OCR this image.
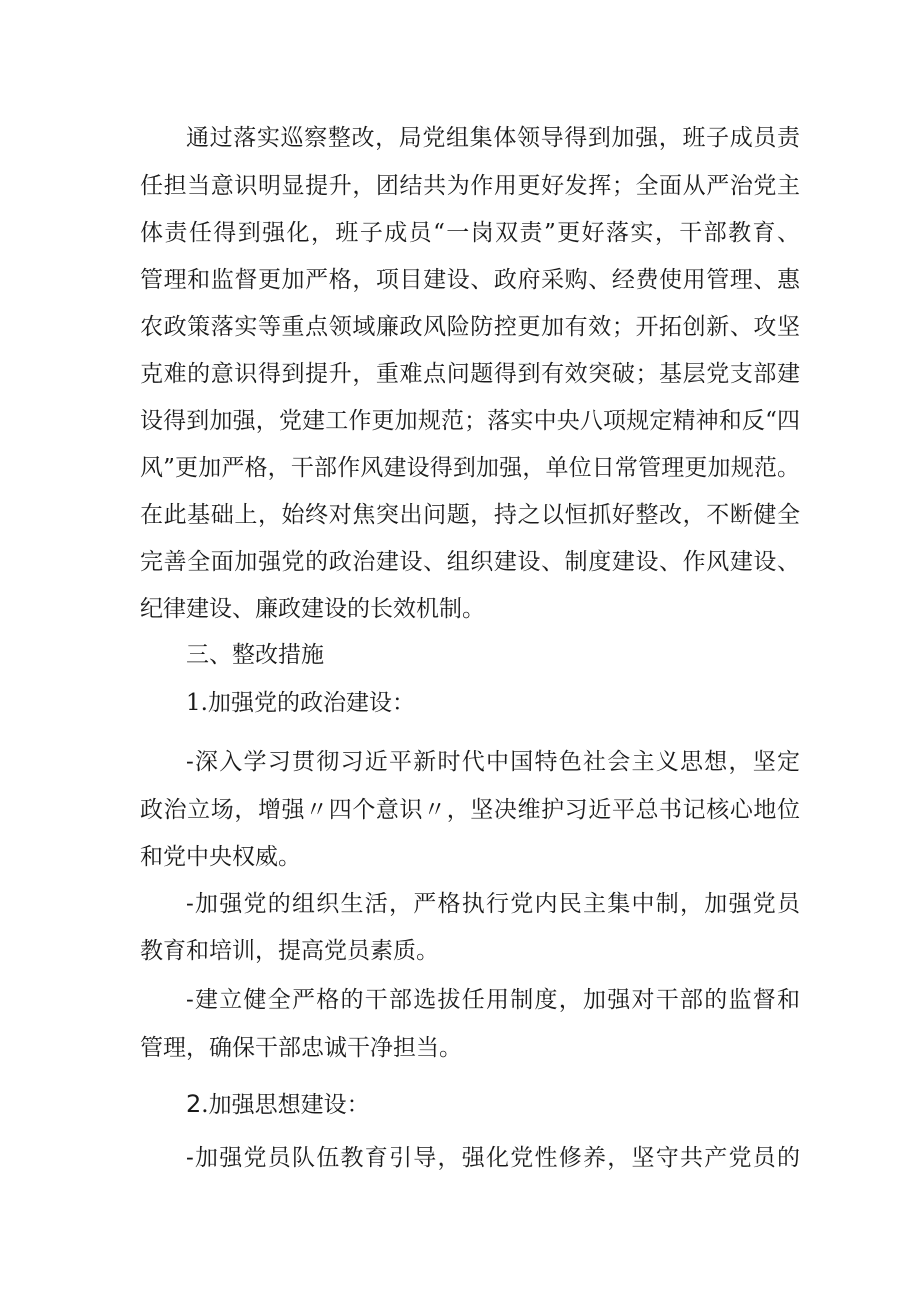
通过落实巡察整改，局党组集体领导得到加强，班子成员责
任担当意识明显提升，团结共为作用更好发挥；全面从严治党主
体责任得到强化，班子成员“一岗双责”更好落实，干部教育、
管理和监督更加严格，项目建设、政府采购、经费使用管理、惠
农政策落实等重点领域廉政风险防控更加有效；开拓创新、攻坚
克难的意识得到提升，重难点问题得到有效突破；基层党支部建
设得到加强，党建工作更加规范；落实中央八项规定精神和反“四
风”更加严格，干部作风建设得到加强，单位日常管理更加规范。
在此基础上，始终对焦突出问题，持之以恒抓好整改，不断健全
完善全面加强党的政治建设、组织建设、制度建设、作风建设、
纪律建设、廉政建设的长效机制。
三、整改措施
1.加强党的政治建设：
-深入学习贯彻习近平新时代中国特色社会主义思想，坚定
政治立场，增强〃四个意识〃，坚决维护习近平总书记核心地位
和党中央权威。
-加强党的组织生活，严格执行党内民主集中制，加强党员
教育和培训，提高党员素质。
-建立健全严格的干部选拔任用制度，加强对干部的监督和
管理，确保干部忠诚干净担当。
2.加强思想建设：
-加强党员队伍教育引导，强化党性修养，坚守共产党员的
